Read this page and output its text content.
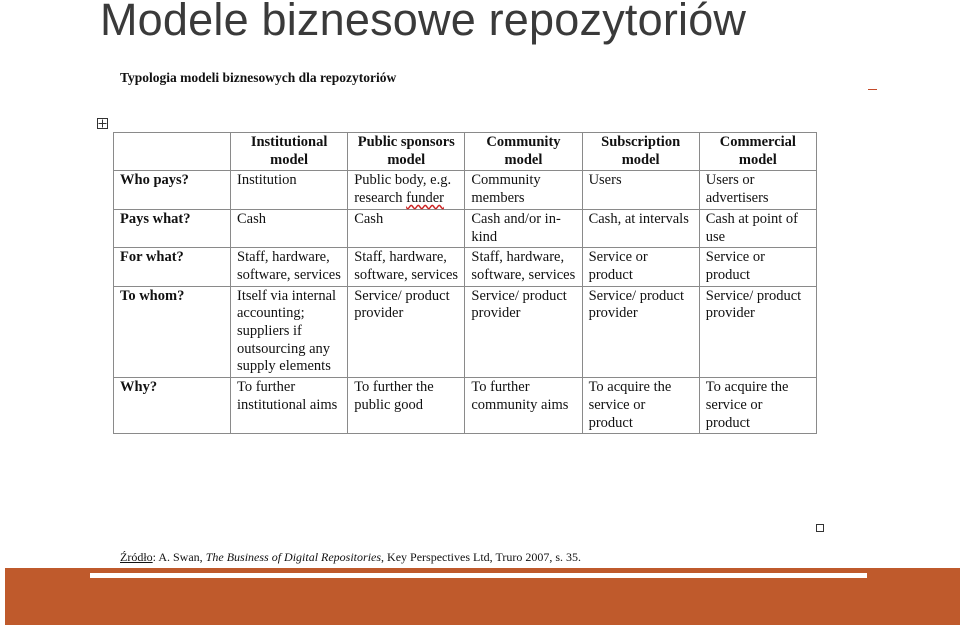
Modele biznesowe repozytoriów
Typologia modeli biznesowych dla repozytoriów
	Institutional model	Public sponsors model	Community model	Subscription model	Commercial model
Who pays?	Institution	Public body, e.g. research funder	Community members	Users	Users or advertisers
Pays what?	Cash	Cash	Cash and/or in-kind	Cash, at intervals	Cash at point of use
For what?	Staff, hardware, software, services	Staff, hardware, software, services	Staff, hardware, software, services	Service or product	Service or product
To whom?	Itself via internal accounting; suppliers if outsourcing any supply elements	Service/ product provider	Service/ product provider	Service/ product provider	Service/ product provider
Why?	To further institutional aims	To further the public good	To further community aims	To acquire the service or product	To acquire the service or product
Źródło: A. Swan, The Business of Digital Repositories, Key Perspectives Ltd, Truro 2007, s. 35.
